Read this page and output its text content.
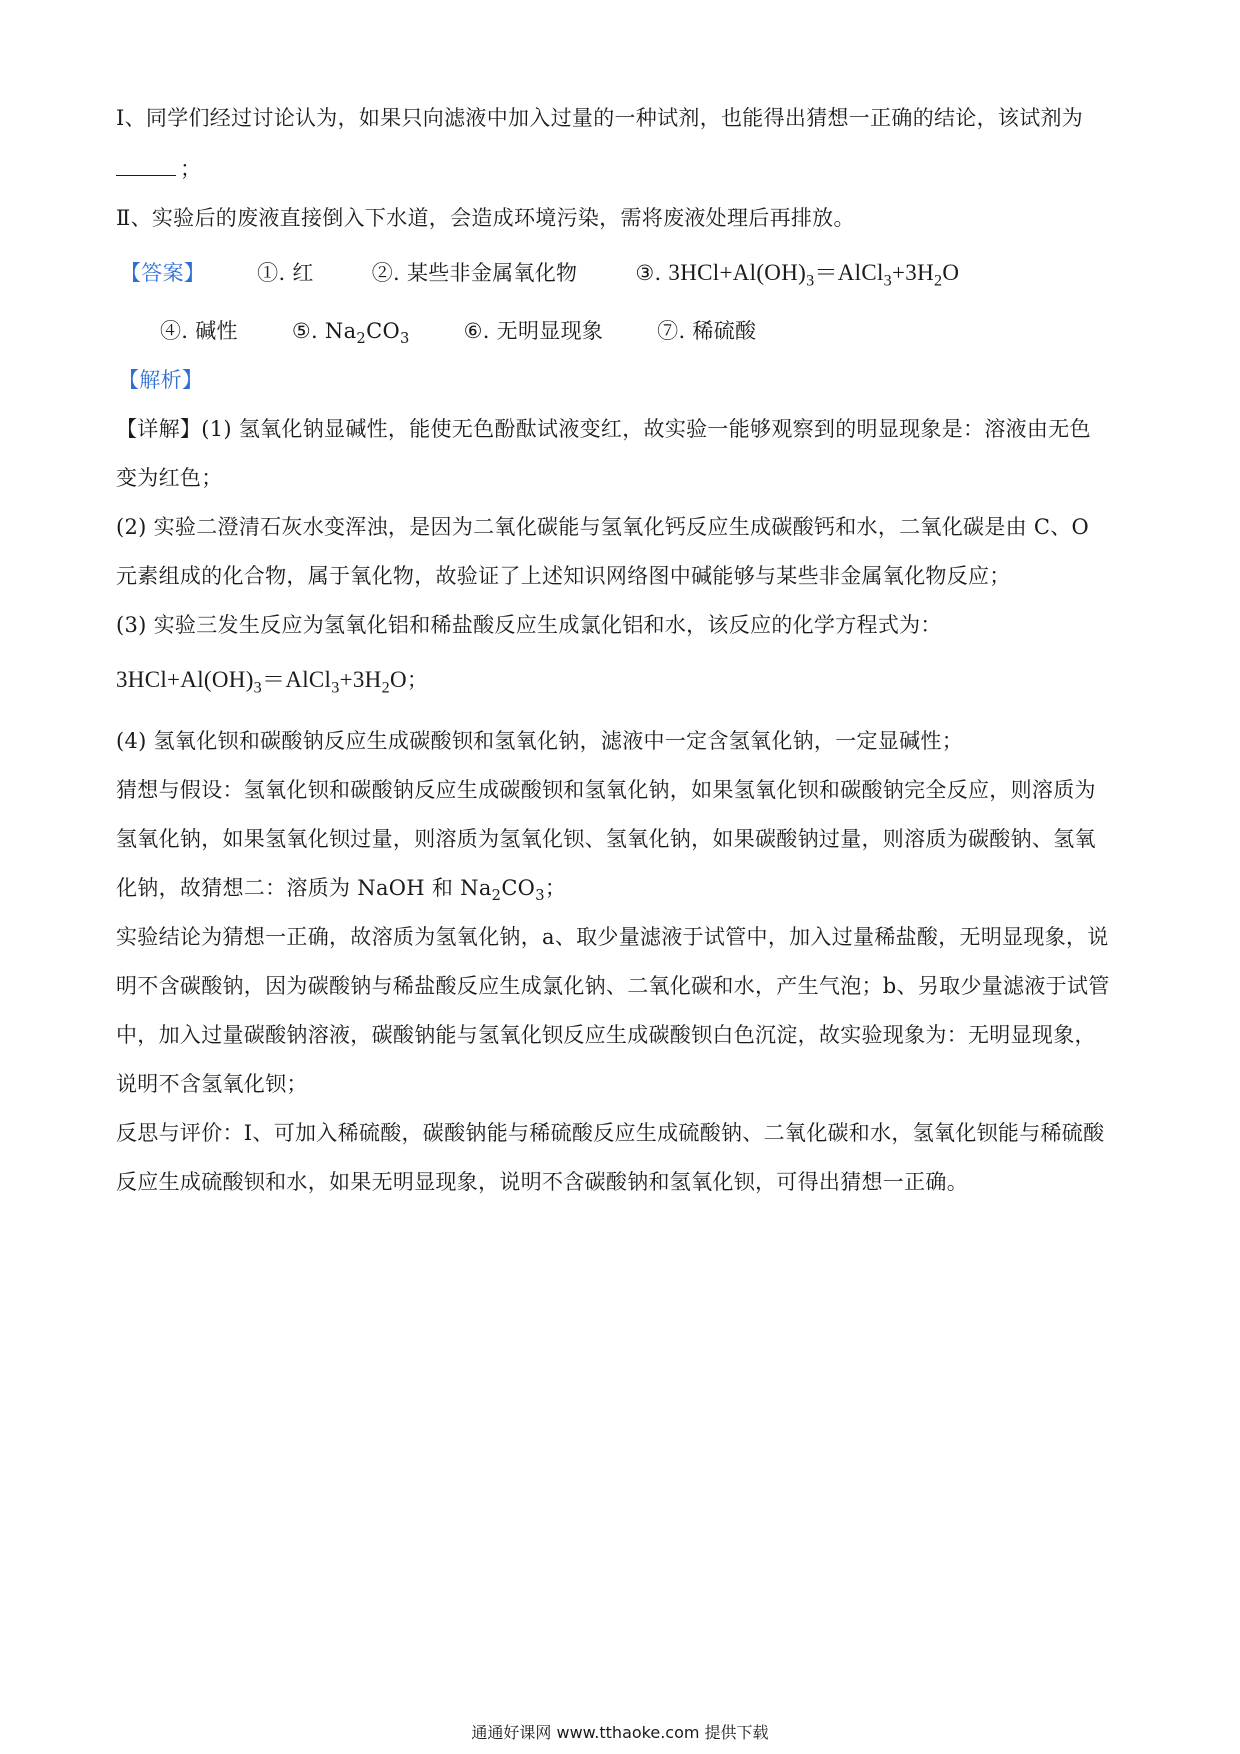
Ⅰ、同学们经过讨论认为，如果只向滤液中加入过量的一种试剂，也能得出猜想一正确的结论，该试剂为
；
Ⅱ、实验后的废液直接倒入下水道，会造成环境污染，需将废液处理后再排放。
【答案】 ①. 红	②. 某些非金属氧化物	③. $3HCl+Al(OH)_3=AlCl_3+3H_2O$
④. 碱性	⑤. $Na_2CO_3$	⑥. 无明显现象	⑦. 稀硫酸
【解析】
【详解】(1) 氢氧化钠显碱性，能使无色酚酞试液变红，故实验一能够观察到的明显现象是：溶液由无色
变为红色；
(2) 实验二澄清石灰水变浑浊，是因为二氧化碳能与氢氧化钙反应生成碳酸钙和水，二氧化碳是由 C、O
元素组成的化合物，属于氧化物，故验证了上述知识网络图中碱能够与某些非金属氧化物反应；
(3) 实验三发生反应为氢氧化铝和稀盐酸反应生成氯化铝和水，该反应的化学方程式为：
$3HCl+Al(OH)_3=AlCl_3+3H_2O$；
(4) 氢氧化钡和碳酸钠反应生成碳酸钡和氢氧化钠，滤液中一定含氢氧化钠，一定显碱性；
猜想与假设：氢氧化钡和碳酸钠反应生成碳酸钡和氢氧化钠，如果氢氧化钡和碳酸钠完全反应，则溶质为
氢氧化钠，如果氢氧化钡过量，则溶质为氢氧化钡、氢氧化钠，如果碳酸钠过量，则溶质为碳酸钠、氢氧
化钠，故猜想二：溶质为 NaOH 和 $Na_2CO_3$；
实验结论为猜想一正确，故溶质为氢氧化钠，a、取少量滤液于试管中，加入过量稀盐酸，无明显现象，说
明不含碳酸钠，因为碳酸钠与稀盐酸反应生成氯化钠、二氧化碳和水，产生气泡；b、另取少量滤液于试管
中，加入过量碳酸钠溶液，碳酸钠能与氢氧化钡反应生成碳酸钡白色沉淀，故实验现象为：无明显现象，
说明不含氢氧化钡；
反思与评价：Ⅰ、可加入稀硫酸，碳酸钠能与稀硫酸反应生成硫酸钠、二氧化碳和水，氢氧化钡能与稀硫酸
反应生成硫酸钡和水，如果无明显现象，说明不含碳酸钠和氢氧化钡，可得出猜想一正确。
通通好课网 www.tthaoke.com 提供下载
